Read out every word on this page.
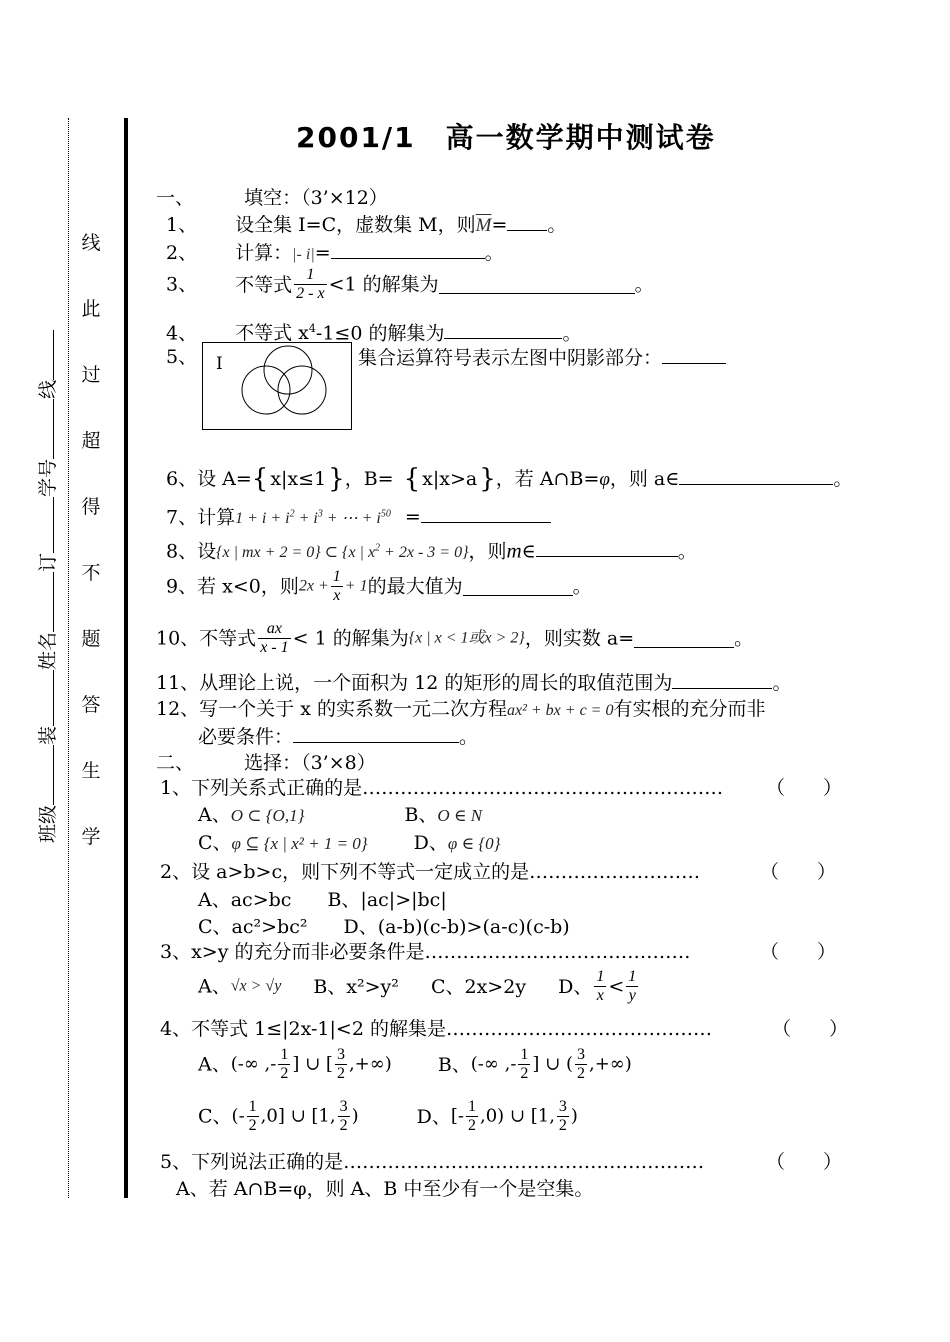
线
此
过
超
得
不
题
答
生
学
班级装姓名订学号线
2001/1　高一数学期中测试卷
一、	填空：（3’×12）
1、 设全集 I=C，虚数集 M，则$\overline{M}=$ 。
2、 计算：|- i|=	。
3、 不等式 $\frac{1}{2 - x} <1$ 的解集为	。
4、 不等式 $x^4-1\le 0$ 的解集为	。
5、 I	集合运算符号表示左图中阴影部分：
6、设 A={ x|x≤1}，B= { x|x>a}，若 A∩B=φ，则 a∈	。
7、计算$1 + i + i^2 + i^3$ + ⋯ + $i^{50}$ =
8、设{x | mx + 2 = 0} ⊂ {x | $x^2 + 2x - 3 = 0$}，则m∈	。
9、若 x<0，则$2x + \frac{1}{x} + 1$的最大值为	。
10、不等式 $\frac{ax}{x - 1} < 1$ 的解集为{x | x < 1或x > 2}，则实数 a=	。
11、从理论上说，一个面积为 12 的矩形的周长的取值范围为	。
12、写一个关于 x 的实系数一元二次方程ax² + bx + c = 0有实根的充分而非
必要条件：	。
二、	选择：（3’×8）
1、下列关系式正确的是………………………………………………… （　　）
A、O ⊂ {O,1}	B、O ∈ N
C、φ ⊆ {x | x² + 1 = 0} D、φ ∈ {0}
2、设 a>b>c，则下列不等式一定成立的是………………………	（　　）
A、ac>bc B、|ac|>|bc|
C、ac²>bc² D、(a-b)(c-b)>(a-c)(c-b)
3、x>y 的充分而非必要条件是……………………………………	（　　）
A、√x > √y B、x²>y² C、2x>2y D、 $\frac{1}{x} < \frac{1}{y}$
4、不等式 1≤|2x-1|<2 的解集是……………………………………	（　　）
A、(-∞ ,- $\frac{1}{2}$ ] ∪ [ $\frac{3}{2}$ ,+∞) B、(-∞ ,- $\frac{1}{2}$ ] ∪ ( $\frac{3}{2}$ ,+∞)
C、(- $\frac{1}{2} ,0$] ∪ [1, $\frac{3}{2}$ )	D、[- $\frac{1}{2} ,0$) ∪ [1, $\frac{3}{2}$ )
5、下列说法正确的是…………………………………………………	（　　）
A、若 A∩B=φ，则 A、B 中至少有一个是空集。
